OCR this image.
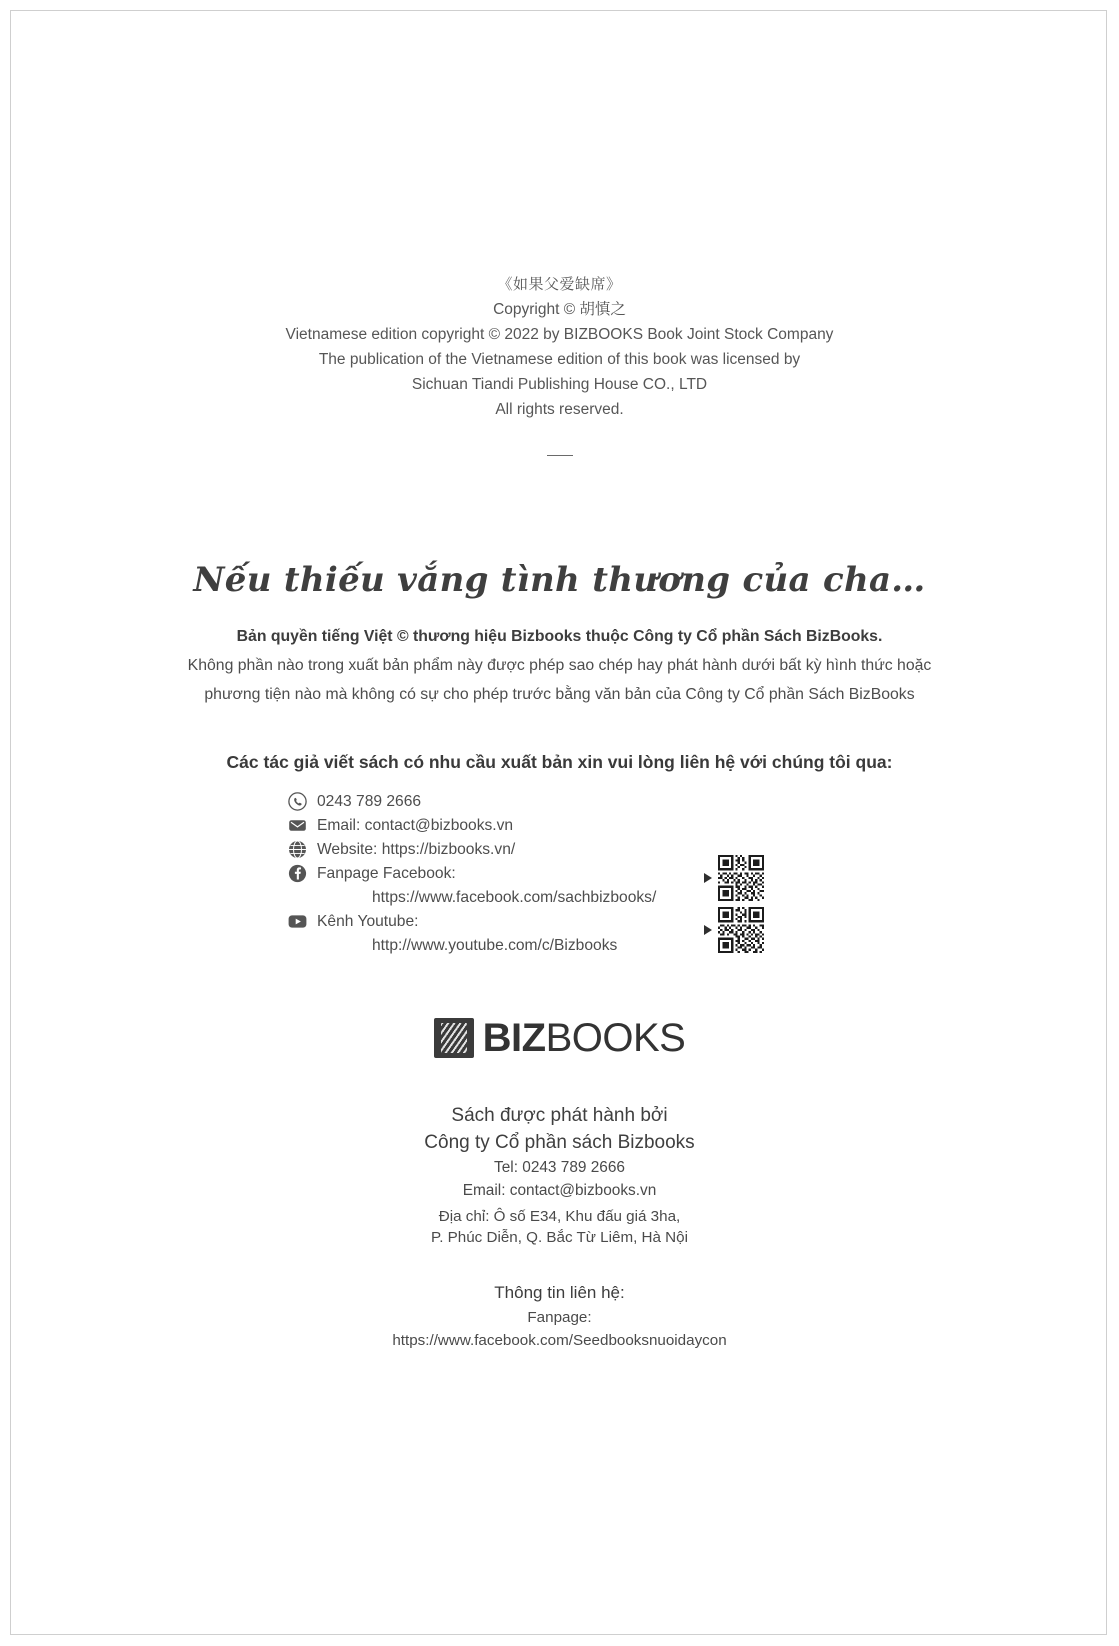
《如果父爱缺席》
Copyright © 胡慎之
Vietnamese edition copyright © 2022 by BIZBOOKS Book Joint Stock Company
The publication of the Vietnamese edition of this book was licensed by
Sichuan Tiandi Publishing House CO., LTD
All rights reserved.
Nếu thiếu vắng tình thương của cha…
Bản quyền tiếng Việt © thương hiệu Bizbooks thuộc Công ty Cổ phần Sách BizBooks.
Không phần nào trong xuất bản phẩm này được phép sao chép hay phát hành dưới bất kỳ hình thức hoặc
phương tiện nào mà không có sự cho phép trước bằng văn bản của Công ty Cổ phần Sách BizBooks
Các tác giả viết sách có nhu cầu xuất bản xin vui lòng liên hệ với chúng tôi qua:
0243 789 2666
Email: contact@bizbooks.vn
Website: https://bizbooks.vn/
Fanpage Facebook:
https://www.facebook.com/sachbizbooks/
Kênh Youtube:
http://www.youtube.com/c/Bizbooks
BIZBOOKS
Sách được phát hành bởi
Công ty Cổ phần sách Bizbooks
Tel: 0243 789 2666
Email: contact@bizbooks.vn
Địa chỉ: Ô số E34, Khu đấu giá 3ha,
P. Phúc Diễn, Q. Bắc Từ Liêm, Hà Nội
Thông tin liên hệ:
Fanpage:
https://www.facebook.com/Seedbooksnuoidaycon
